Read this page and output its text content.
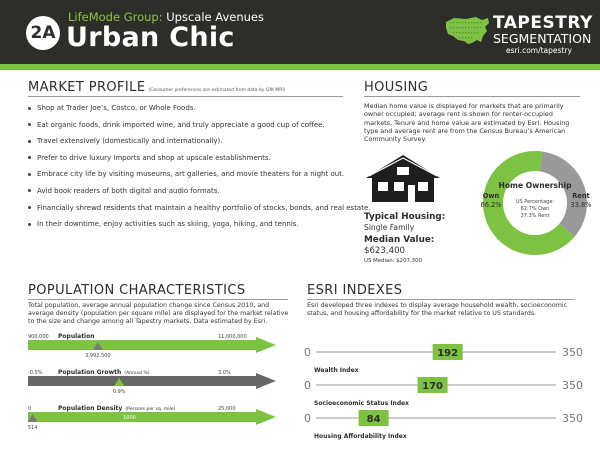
2A
LifeMode Group: Upscale Avenues
Urban Chic	TAPESTRY
SEGMENTATION
esri.com/tapestry
MARKET PROFILE (Consumer preferences are estimated from data by GfK MRI)
Shop at Trader Joe’s, Costco, or Whole Foods.
Eat organic foods, drink imported wine, and truly appreciate a good cup of coffee.
Travel extensively (domestically and internationally).
Prefer to drive luxury imports and shop at upscale establishments.
Embrace city life by visiting museums, art galleries, and movie theaters for a night out.
Avid book readers of both digital and audio formats.
Financially shrewd residents that maintain a healthy portfolio of stocks, bonds, and real estate.
In their downtime, enjoy activities such as skiing, yoga, hiking, and tennis.
HOUSING
Median home value is displayed for markets that are primarily owner occupied; average rent is shown for renter-occupied markets. Tenure and home value are estimated by Esri. Housing type and average rent are from the Census Bureau’s American Community Survey.
Typical Housing:
Single Family
Median Value:
$623,400
US Median: $207,300
Home Ownership
US Percentage:
62.7% Own
37.3% Rent
Own
66.2%
Rent
33.8%
POPULATION CHARACTERISTICS
Total population, average annual population change since Census 2010, and average density (population per square mile) are displayed for the market relative to the size and change among all Tapestry markets. Data estimated by Esri.
900,000	11,000,000
Population
3,992,500
-0.5%	3.0%
Population Growth (Annual %)
0.9%
0	25,000
Population Density (Persons per sq. mile)
514
1000
ESRI INDEXES
Esri developed three indexes to display average household wealth, socioeconomic status, and housing affordability for the market relative to US standards.
0	350
192
Wealth Index
0	350
170
Socioeconomic Status Index
0	350
84
Housing Affordability Index
